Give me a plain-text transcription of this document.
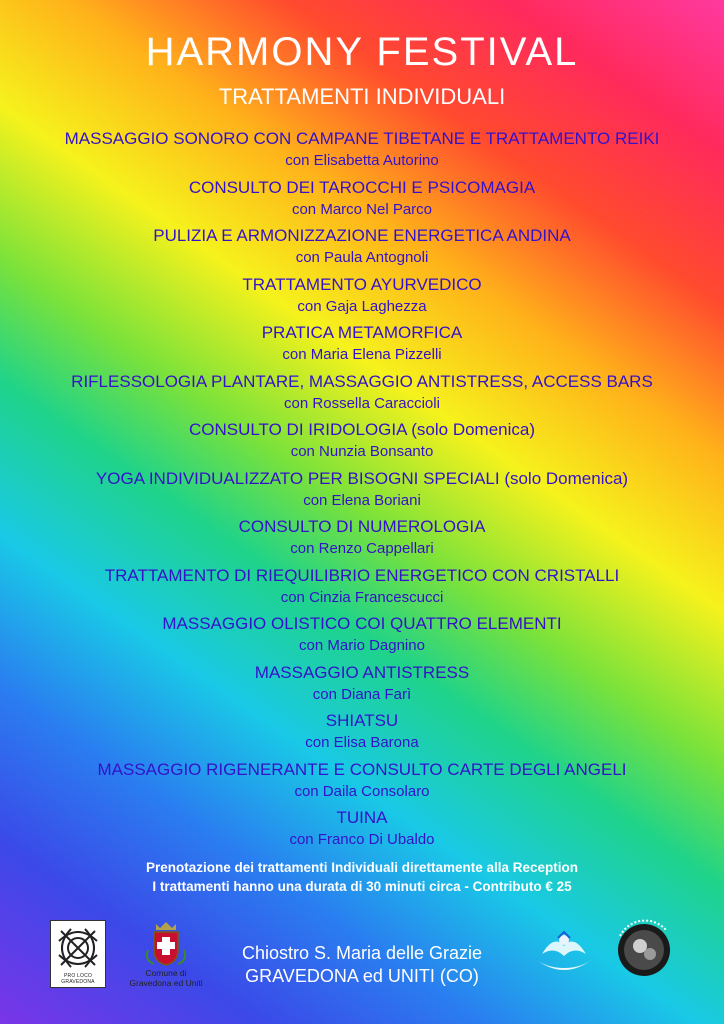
HARMONY FESTIVAL
TRATTAMENTI INDIVIDUALI
MASSAGGIO SONORO CON CAMPANE TIBETANE E TRATTAMENTO REIKI
con Elisabetta Autorino
CONSULTO DEI TAROCCHI E PSICOMAGIA
con Marco Nel Parco
PULIZIA E ARMONIZZAZIONE ENERGETICA ANDINA
con Paula Antognoli
TRATTAMENTO AYURVEDICO
con Gaja Laghezza
PRATICA METAMORFICA
con Maria Elena Pizzelli
RIFLESSOLOGIA PLANTARE, MASSAGGIO ANTISTRESS, ACCESS BARS
con Rossella Caraccioli
CONSULTO DI IRIDOLOGIA (solo Domenica)
con Nunzia Bonsanto
YOGA INDIVIDUALIZZATO PER BISOGNI SPECIALI (solo Domenica)
con Elena Boriani
CONSULTO DI NUMEROLOGIA
con Renzo Cappellari
TRATTAMENTO DI RIEQUILIBRIO ENERGETICO CON CRISTALLI
con Cinzia Francescucci
MASSAGGIO OLISTICO COI QUATTRO ELEMENTI
con Mario Dagnino
MASSAGGIO ANTISTRESS
con Diana Farì
SHIATSU
con Elisa Barona
MASSAGGIO RIGENERANTE E CONSULTO CARTE DEGLI ANGELI
con Daila Consolaro
TUINA
con Franco Di Ubaldo
Prenotazione dei trattamenti Individuali direttamente alla Reception
I trattamenti hanno una durata di 30 minuti circa - Contributo € 25
PRO LOCO GRAVEDONA
Comune di
Gravedona ed Uniti
Chiostro S. Maria delle Grazie
GRAVEDONA ed UNITI (CO)
